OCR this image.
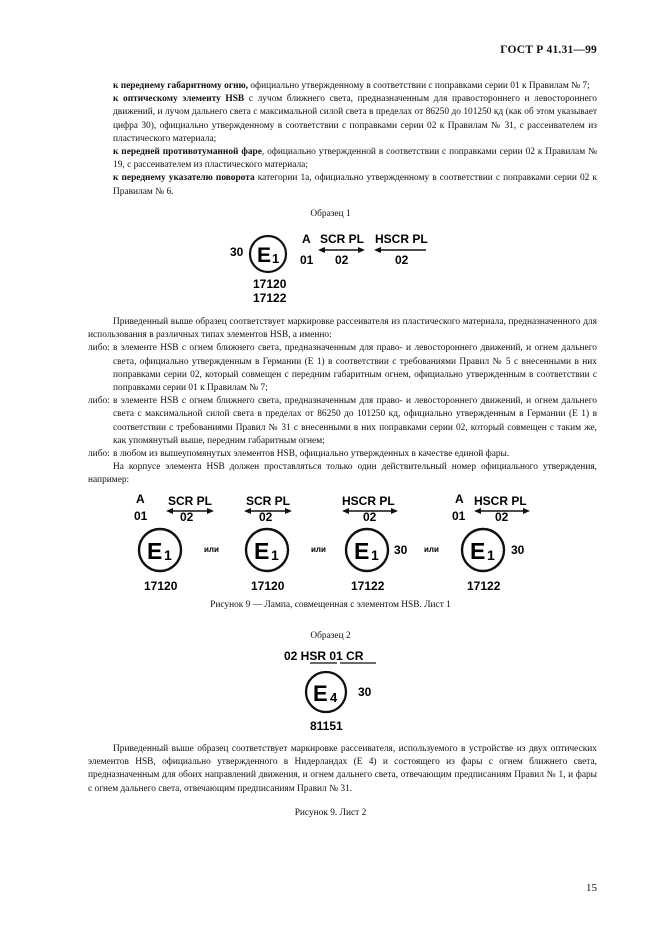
ГОСТ Р 41.31—99
к переднему габаритному огню, официально утвержденному в соответствии с поправками серии 01 к Правилам № 7;
к оптическому элементу HSB с лучом ближнего света, предназначенным для правостороннего и левостороннего движений, и лучом дальнего света с максимальной силой света в пределах от 86250 до 101250 кд (как об этом указывает цифра 30), официально утвержденному в соответствии с поправками серии 02 к Правилам № 31, с рассеивателем из пластического материала;
к передней противотуманной фаре, официально утвержденной в соответствии с поправками серии 02 к Правилам № 19, с рассеивателем из пластического материала;
к переднему указателю поворота категории 1а, официально утвержденному в соответствии с поправками серии 02 к Правилам № 6.
Образец 1
30 E 1
A
01
SCR PL
02
HSCR PL
02
17120
17122
Приведенный выше образец соответствует маркировке рассеивателя из пластического материала, предназначенного для использования в различных типах элементов HSB, а именно:
либо: в элементе HSB с огнем ближнего света, предназначенным для право- и левостороннего движений, и огнем дальнего света, официально утвержденным в Германии (Е 1) в соответствии с требованиями Правил № 5 с внесенными в них поправками серии 02, который совмещен с передним габаритным огнем, официально утвержденным в соответствии с поправками серии 01 к Правилам № 7;
либо: в элементе HSB с огнем ближнего света, предназначенным для право- и левостороннего движений, и огнем дальнего света с максимальной силой света в пределах от 86250 до 101250 кд, официально утвержденным в Германии (Е 1) в соответствии с требованиями Правил № 31 с внесенными в них поправками серии 02, который совмещен с таким же, как упомянутый выше, передним габаритным огнем;
либо: в любом из вышеупомянутых элементов HSB, официально утвержденных в качестве единой фары.
На корпусе элемента HSB должен проставляться только один действительный номер официального утверждения, например:
A
01
SCR PL
02
E 1
17120
или
SCR PL
02
E 1
17120
или
HSCR PL
02
E 1 30
17122
или
A
01
HSCR PL
02
E 1 30
17122
Рисунок 9 — Лампа, совмещенная с элементом HSB. Лист 1
Образец 2
02 HSR 01 CR
E 4 30
81151
Приведенный выше образец соответствует маркировке рассеивателя, используемого в устройстве из двух оптических элементов HSB, официально утвержденного в Нидерландах (Е 4) и состоящего из фары с огнем ближнего света, предназначенным для обоих направлений движения, и огнем дальнего света, отвечающим предписаниям Правил № 1, и фары с огнем дальнего света, отвечающим предписаниям Правил № 31.
Рисунок 9. Лист 2
15
